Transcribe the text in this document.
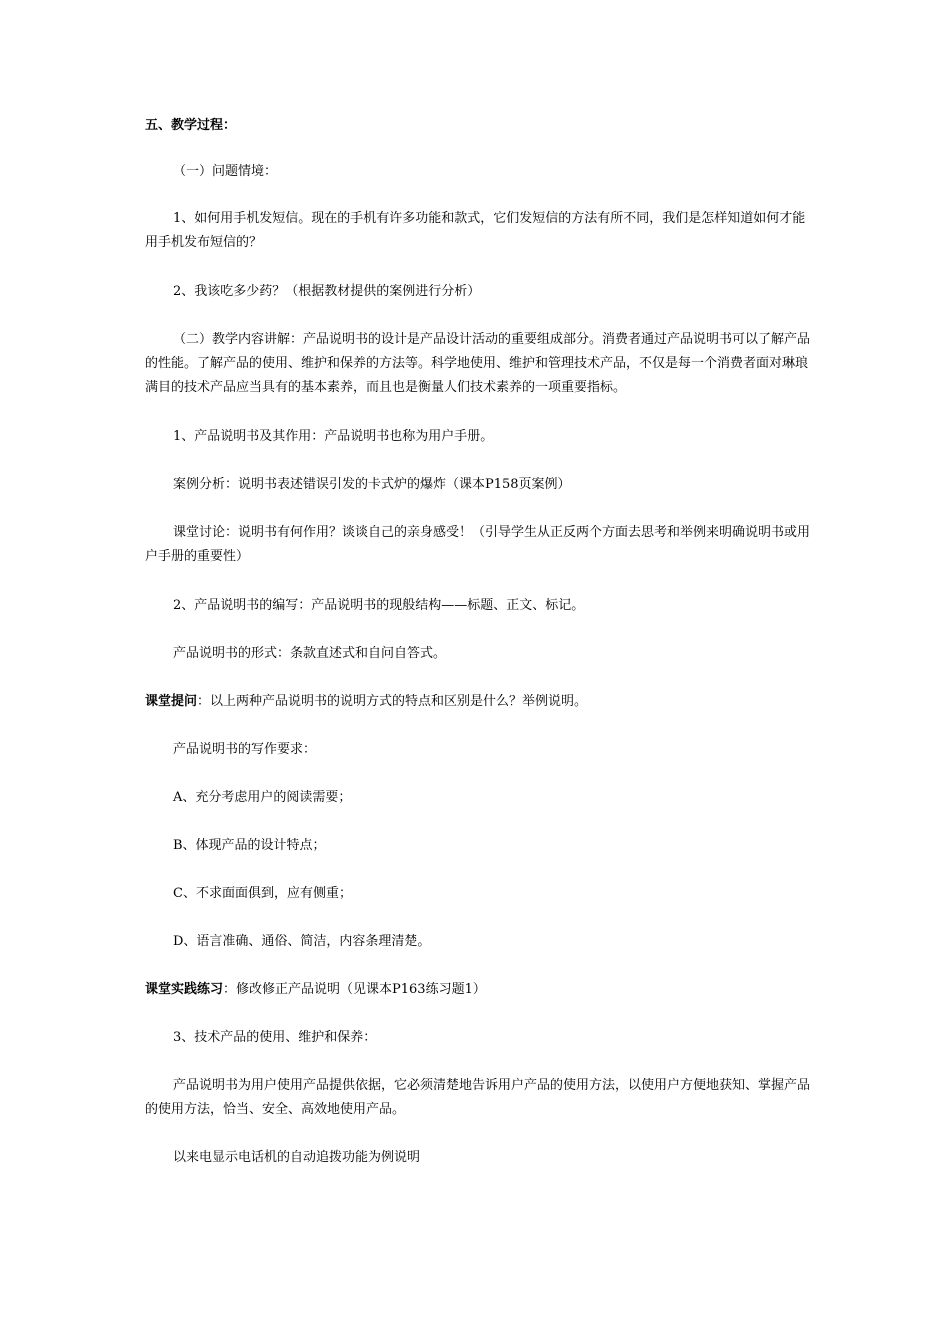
五、教学过程：

（一）问题情境：

1、如何用手机发短信。现在的手机有许多功能和款式，它们发短信的方法有所不同，我们是怎样知道如何才能用手机发布短信的？

2、我该吃多少药？（根据教材提供的案例进行分析）

（二）教学内容讲解：产品说明书的设计是产品设计活动的重要组成部分。消费者通过产品说明书可以了解产品的性能。了解产品的使用、维护和保养的方法等。科学地使用、维护和管理技术产品，不仅是每一个消费者面对琳琅满目的技术产品应当具有的基本素养，而且也是衡量人们技术素养的一项重要指标。

1、产品说明书及其作用：产品说明书也称为用户手册。

案例分析：说明书表述错误引发的卡式炉的爆炸（课本P158页案例）

课堂讨论：说明书有何作用？谈谈自己的亲身感受！（引导学生从正反两个方面去思考和举例来明确说明书或用户手册的重要性）

2、产品说明书的编写：产品说明书的现般结构——标题、正文、标记。

产品说明书的形式：条款直述式和自问自答式。

课堂提问：以上两种产品说明书的说明方式的特点和区别是什么？举例说明。

产品说明书的写作要求：

A、充分考虑用户的阅读需要；

B、体现产品的设计特点；

C、不求面面俱到，应有侧重；

D、语言准确、通俗、简洁，内容条理清楚。

课堂实践练习：修改修正产品说明（见课本P163练习题1）

3、技术产品的使用、维护和保养：

产品说明书为用户使用产品提供依据，它必须清楚地告诉用户产品的使用方法，以使用户方便地获知、掌握产品的使用方法，恰当、安全、高效地使用产品。

以来电显示电话机的自动追拨功能为例说明
